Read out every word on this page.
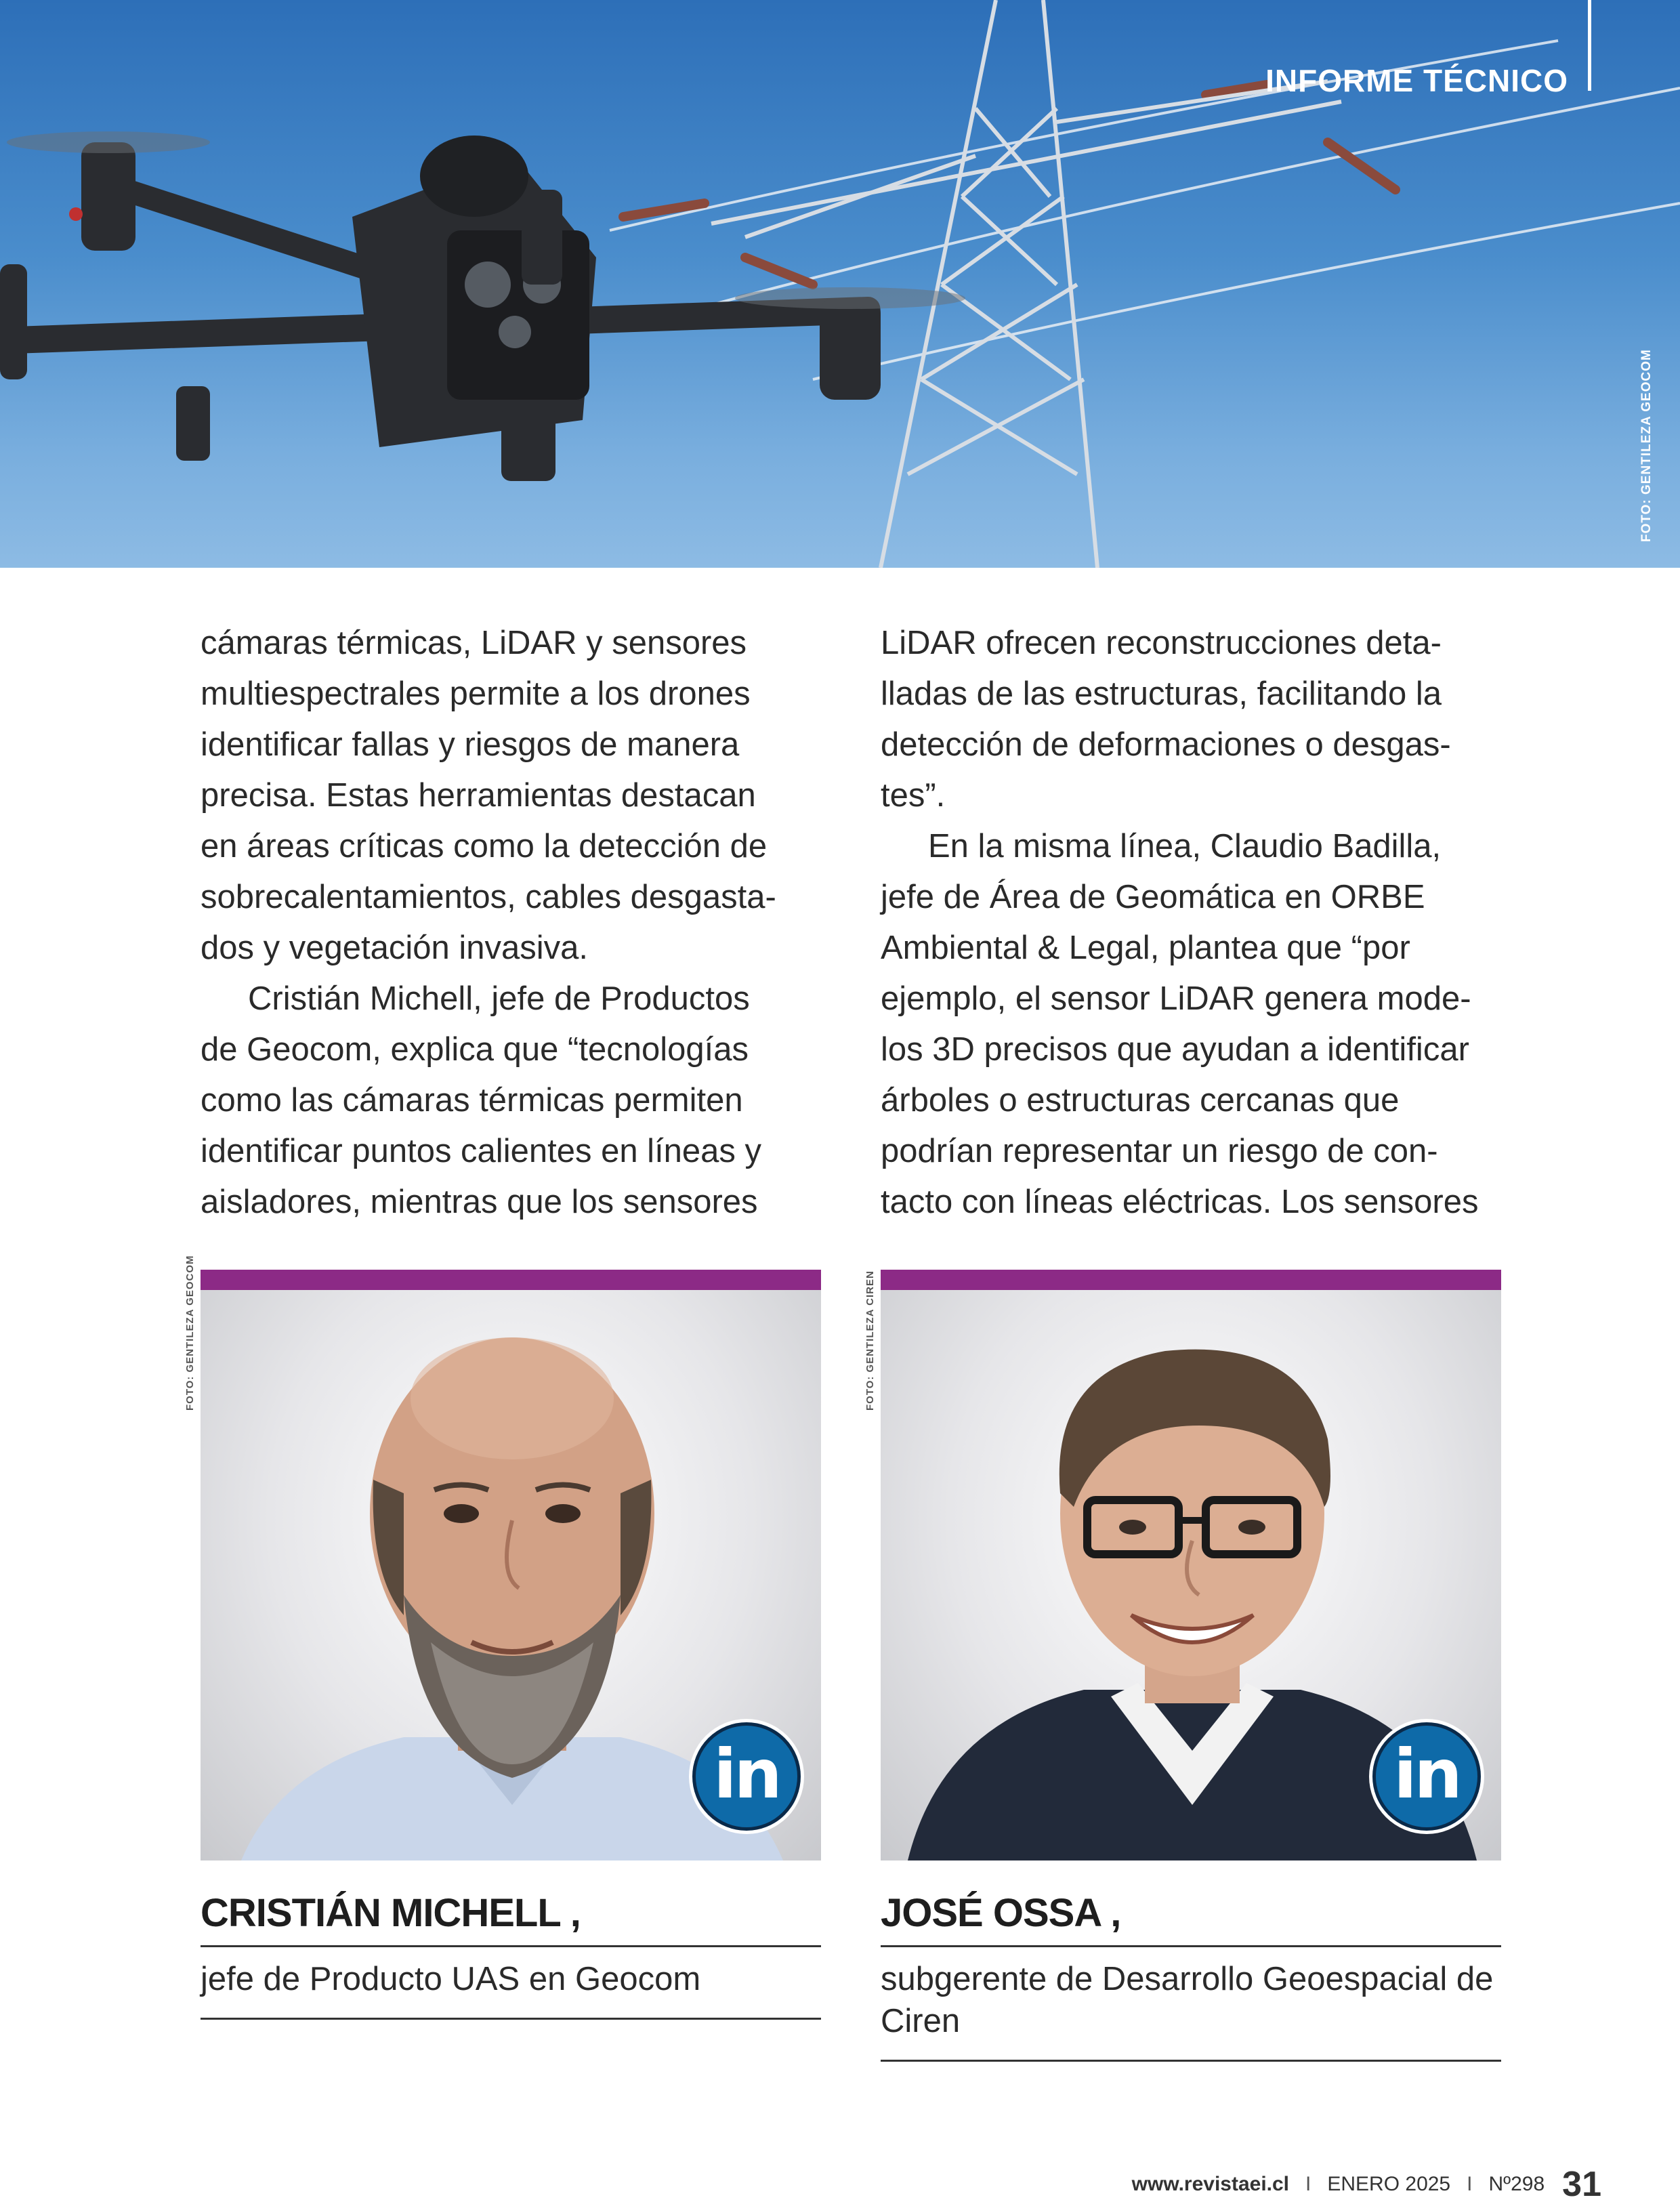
INFORME TÉCNICO
FOTO: GENTILEZA GEOCOM

cámaras térmicas, LiDAR y sensores
multiespectrales permite a los drones
identificar fallas y riesgos de manera
precisa. Estas herramientas destacan
en áreas críticas como la detección de
sobrecalentamientos, cables desgasta-
dos y vegetación invasiva.

Cristián Michell, jefe de Productos
de Geocom, explica que “tecnologías
como las cámaras térmicas permiten
identificar puntos calientes en líneas y
aisladores, mientras que los sensores

LiDAR ofrecen reconstrucciones deta-
lladas de las estructuras, facilitando la
detección de deformaciones o desgas-
tes”.

En la misma línea, Claudio Badilla,
jefe de Área de Geomática en ORBE
Ambiental & Legal, plantea que “por
ejemplo, el sensor LiDAR genera mode-
los 3D precisos que ayudan a identificar
árboles o estructuras cercanas que
podrían representar un riesgo de con-
tacto con líneas eléctricas. Los sensores

FOTO: GENTILEZA GEOCOM
in
CRISTIÁN MICHELL ,
jefe de Producto UAS en Geocom
FOTO: GENTILEZA CIREN
in
JOSÉ OSSA ,
subgerente de Desarrollo Geoespacial de Ciren
www.revistaei.cl I ENERO 2025 I Nº298 31
